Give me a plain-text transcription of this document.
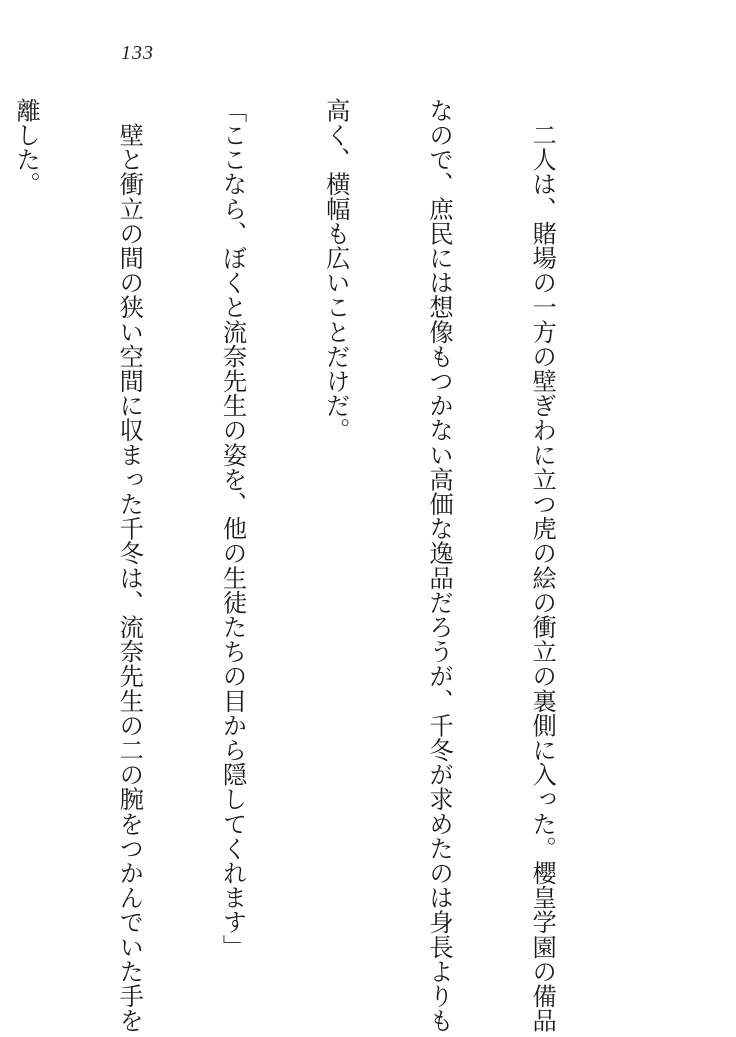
133

　二人は、賭場の一方の壁ぎわに立つ虎の絵の衝立の裏側に入った。櫻皇学園の備品

なので、庶民には想像もつかない高価な逸品だろうが、千冬が求めたのは身長よりも

高く、横幅も広いことだけだ。

「ここなら、ぼくと流奈先生の姿を、他の生徒たちの目から隠してくれます」

　壁と衝立の間の狭い空間に収まった千冬は、流奈先生の二の腕をつかんでいた手を

離した。
